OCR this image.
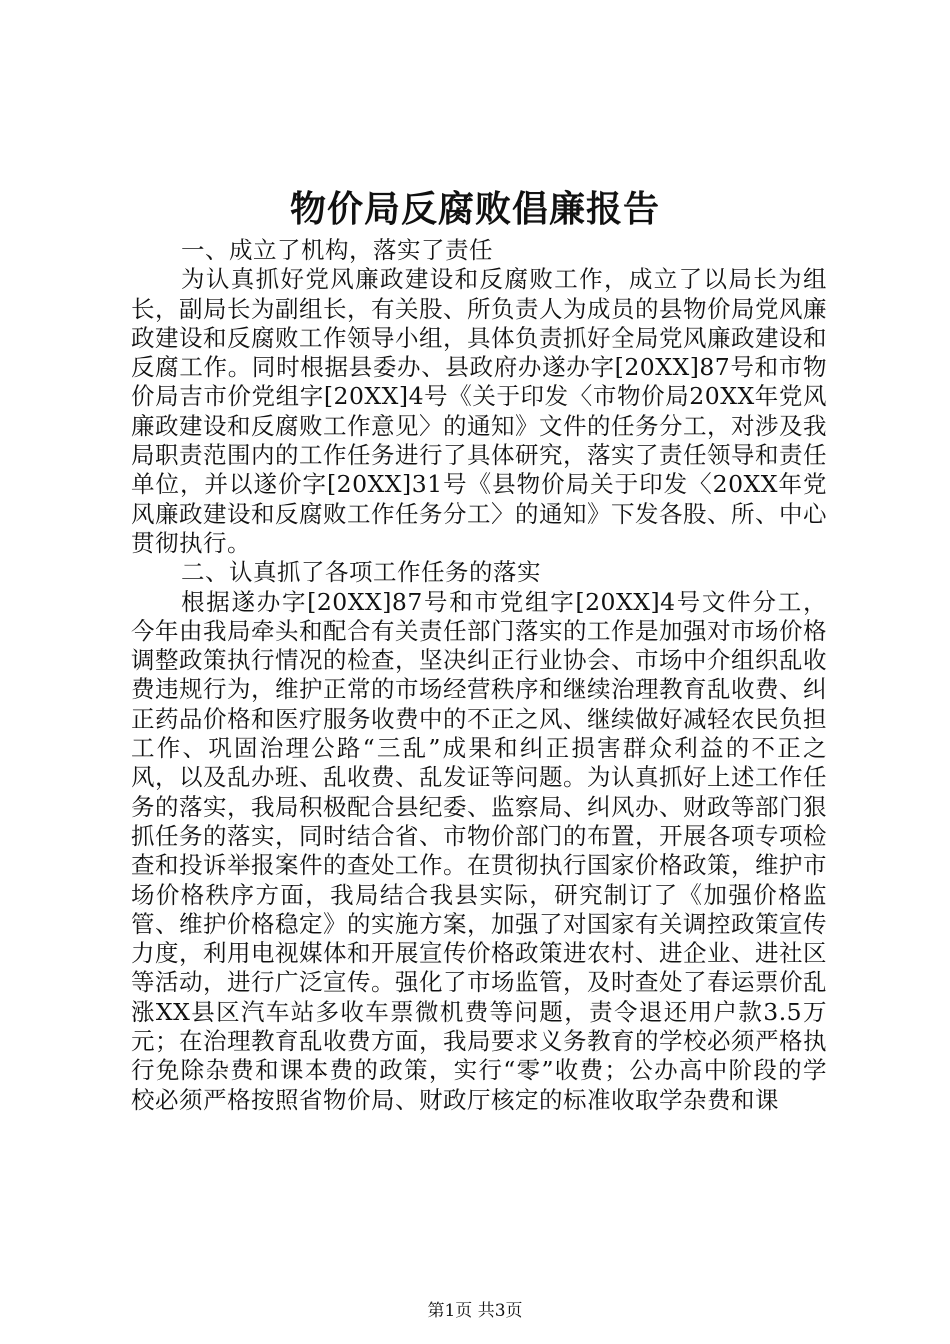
物价局反腐败倡廉报告

一、成立了机构，落实了责任

为认真抓好党风廉政建设和反腐败工作，成立了以局长为组长，副局长为副组长，有关股、所负责人为成员的县物价局党风廉政建设和反腐败工作领导小组，具体负责抓好全局党风廉政建设和反腐工作。同时根据县委办、县政府办遂办字[20XX]87号和市物价局吉市价党组字[20XX]4号《关于印发〈市物价局20XX年党风廉政建设和反腐败工作意见〉的通知》文件的任务分工，对涉及我局职责范围内的工作任务进行了具体研究，落实了责任领导和责任单位，并以遂价字[20XX]31号《县物价局关于印发〈20XX年党风廉政建设和反腐败工作任务分工〉的通知》下发各股、所、中心贯彻执行。

二、认真抓了各项工作任务的落实

根据遂办字[20XX]87号和市党组字[20XX]4号文件分工，今年由我局牵头和配合有关责任部门落实的工作是加强对市场价格调整政策执行情况的检查，坚决纠正行业协会、市场中介组织乱收费违规行为，维护正常的市场经营秩序和继续治理教育乱收费、纠正药品价格和医疗服务收费中的不正之风、继续做好减轻农民负担工作、巩固治理公路“三乱”成果和纠正损害群众利益的不正之风，以及乱办班、乱收费、乱发证等问题。为认真抓好上述工作任务的落实，我局积极配合县纪委、监察局、纠风办、财政等部门狠抓任务的落实，同时结合省、市物价部门的布置，开展各项专项检查和投诉举报案件的查处工作。在贯彻执行国家价格政策，维护市场价格秩序方面，我局结合我县实际，研究制订了《加强价格监管、维护价格稳定》的实施方案，加强了对国家有关调控政策宣传力度，利用电视媒体和开展宣传价格政策进农村、进企业、进社区等活动，进行广泛宣传。强化了市场监管，及时查处了春运票价乱涨XX县区汽车站多收车票微机费等问题，责令退还用户款3.5万元；在治理教育乱收费方面，我局要求义务教育的学校必须严格执行免除杂费和课本费的政策，实行“零”收费；公办高中阶段的学校必须严格按照省物价局、财政厅核定的标准收取学杂费和课

第1页 共3页
